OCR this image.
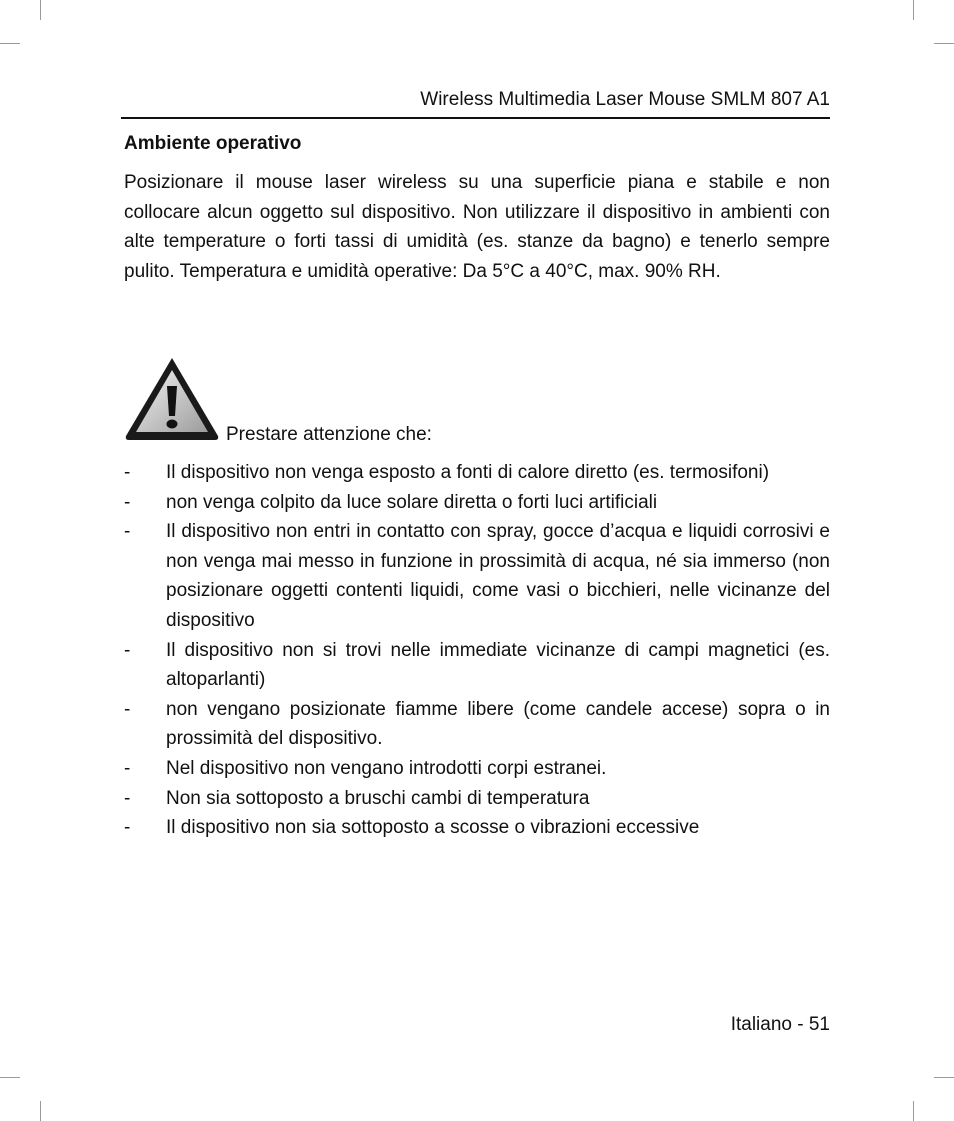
Wireless Multimedia Laser Mouse SMLM 807 A1
Ambiente operativo

Posizionare il mouse laser wireless su una superficie piana e stabile e non collocare alcun oggetto sul dispositivo. Non utilizzare il dispositivo in ambienti con alte temperature o forti tassi di umidità (es. stanze da bagno) e tenerlo sempre pulito. Temperatura e umidità operative: Da 5°C a 40°C, max. 90% RH.

Prestare attenzione che:
- Il dispositivo non venga esposto a fonti di calore diretto (es. termosifoni)
- non venga colpito da luce solare diretta o forti luci artificiali
- Il dispositivo non entri in contatto con spray, gocce d’acqua e liquidi corrosivi e non venga mai messo in funzione in prossimità di acqua, né sia immerso (non posizionare oggetti contenti liquidi, come vasi o bicchieri, nelle vicinanze del dispositivo
- Il dispositivo non si trovi nelle immediate vicinanze di campi magnetici (es. altoparlanti)
- non vengano posizionate fiamme libere (come candele accese) sopra o in prossimità del dispositivo.
- Nel dispositivo non vengano introdotti corpi estranei.
- Non sia sottoposto a bruschi cambi di temperatura
- Il dispositivo non sia sottoposto a scosse o vibrazioni eccessive
Italiano - 51
